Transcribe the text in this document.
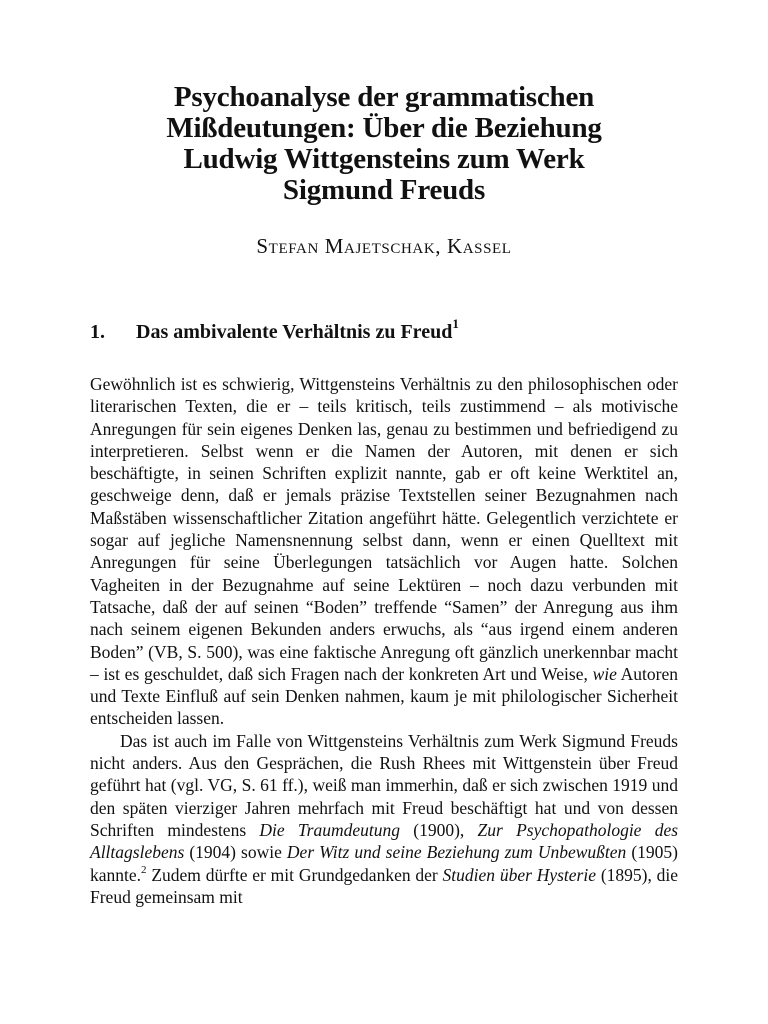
Psychoanalyse der grammatischen
Mißdeutungen: Über die Beziehung
Ludwig Wittgensteins zum Werk
Sigmund Freuds
Stefan Majetschak, Kassel
1. Das ambivalente Verhältnis zu Freud$^1$

Gewöhnlich ist es schwierig, Wittgensteins Verhältnis zu den philosophischen oder literarischen Texten, die er – teils kritisch, teils zustimmend – als motivische Anregungen für sein eigenes Denken las, genau zu bestimmen und befriedigend zu interpretieren. Selbst wenn er die Namen der Autoren, mit denen er sich beschäftigte, in seinen Schriften explizit nannte, gab er oft keine Werktitel an, geschweige denn, daß er jemals präzise Textstellen seiner Bezugnahmen nach Maßstäben wissenschaftlicher Zitation angeführt hätte. Gelegentlich verzichtete er sogar auf jegliche Namensnennung selbst dann, wenn er einen Quelltext mit Anregungen für seine Überlegungen tatsächlich vor Augen hatte. Solchen Vagheiten in der Bezugnahme auf seine Lektüren – noch dazu verbunden mit Tatsache, daß der auf seinen “Boden” treffende “Samen” der Anregung aus ihm nach seinem eigenen Bekunden anders erwuchs, als “aus irgend einem anderen Boden” (VB, S. 500), was eine faktische Anregung oft gänzlich unerkennbar macht – ist es geschuldet, daß sich Fragen nach der konkreten Art und Weise, wie Autoren und Texte Einfluß auf sein Denken nahmen, kaum je mit philologischer Sicherheit entscheiden lassen.

Das ist auch im Falle von Wittgensteins Verhältnis zum Werk Sigmund Freuds nicht anders. Aus den Gesprächen, die Rush Rhees mit Wittgenstein über Freud geführt hat (vgl. VG, S. 61 ff.), weiß man immerhin, daß er sich zwischen 1919 und den späten vierziger Jahren mehrfach mit Freud beschäftigt hat und von dessen Schriften mindestens Die Traumdeutung (1900), Zur Psychopathologie des Alltagslebens (1904) sowie Der Witz und seine Beziehung zum Unbewußten (1905) kannte.$^2$ Zudem dürfte er mit Grundgedanken der Studien über Hysterie (1895), die Freud gemeinsam mit
